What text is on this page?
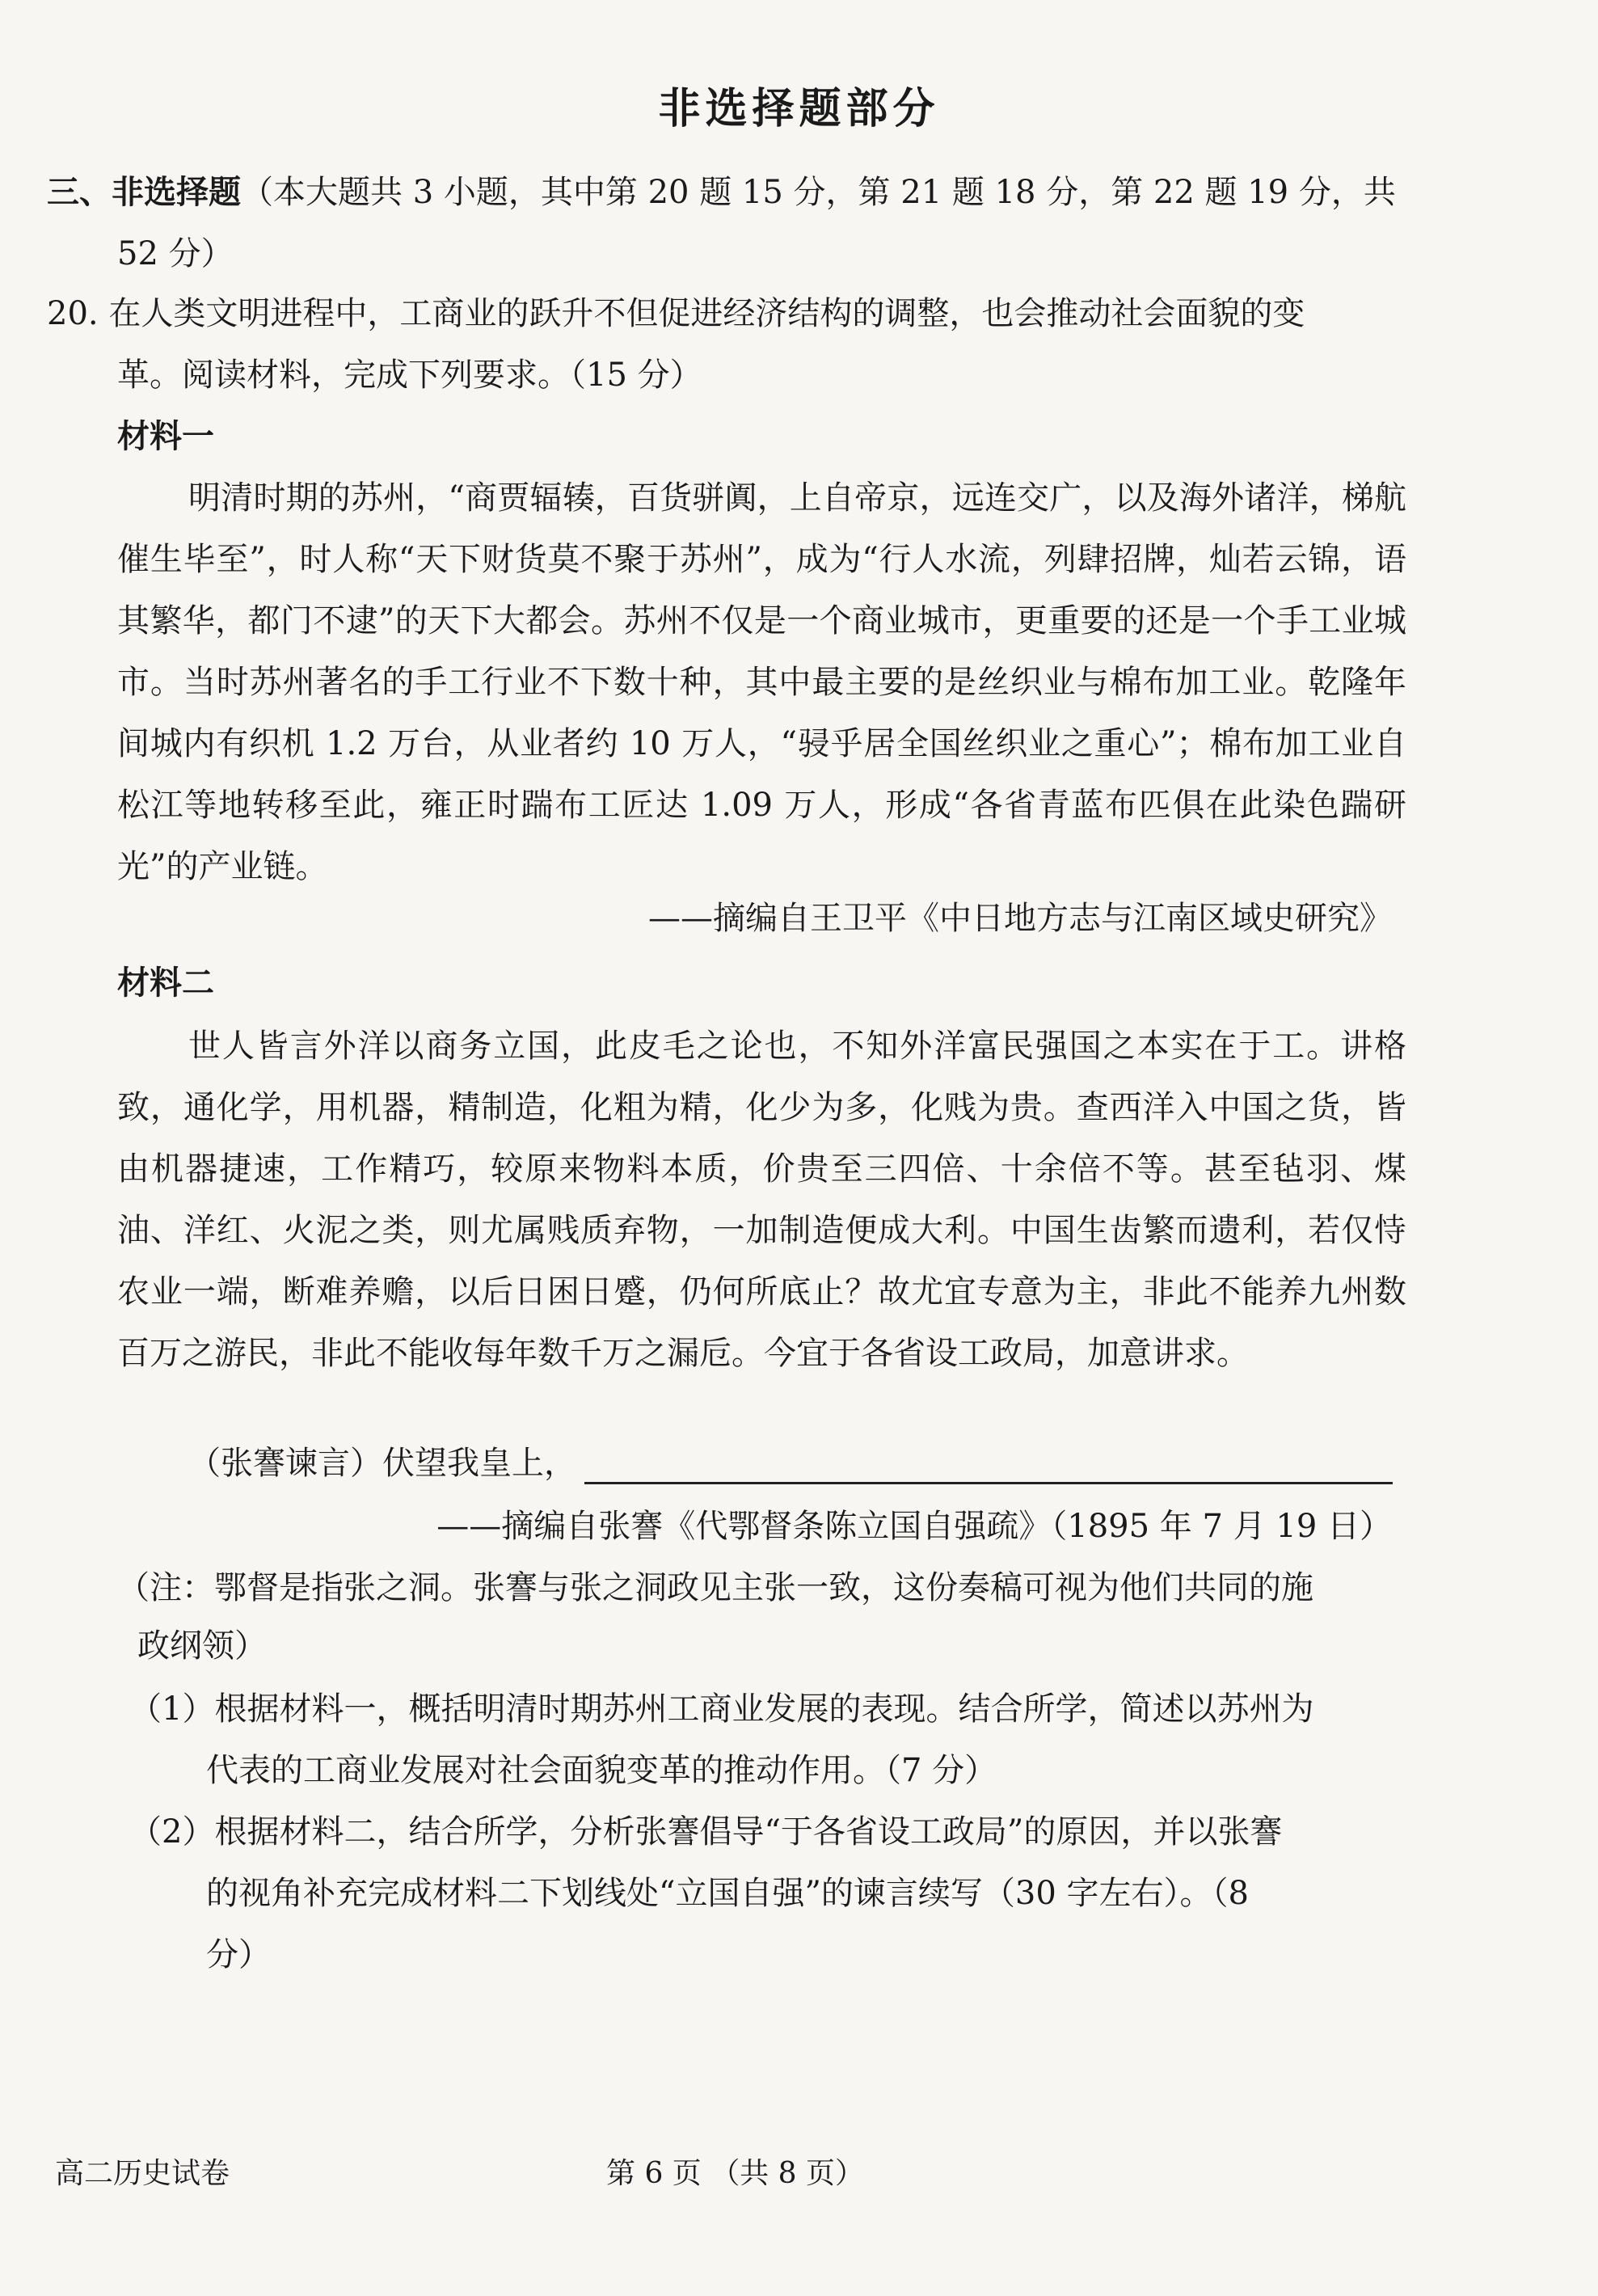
非选择题部分
三、非选择题（本大题共 3 小题，其中第 20 题 15 分，第 21 题 18 分，第 22 题 19 分，共
52 分）
20. 在人类文明进程中，工商业的跃升不但促进经济结构的调整，也会推动社会面貌的变
革。阅读材料，完成下列要求。（15 分）
材料一
明清时期的苏州，“商贾辐辏，百货骈阗，上自帝京，远连交广，以及海外诸洋，梯航催生毕至”，时人称“天下财货莫不聚于苏州”，成为“行人水流，列肆招牌，灿若云锦，语其繁华，都门不逮”的天下大都会。苏州不仅是一个商业城市，更重要的还是一个手工业城市。当时苏州著名的手工行业不下数十种，其中最主要的是丝织业与棉布加工业。乾隆年间城内有织机 1.2 万台，从业者约 10 万人，“骎乎居全国丝织业之重心”；棉布加工业自松江等地转移至此，雍正时踹布工匠达 1.09 万人，形成“各省青蓝布匹俱在此染色踹研光”的产业链。
——摘编自王卫平《中日地方志与江南区域史研究》
材料二
世人皆言外洋以商务立国，此皮毛之论也，不知外洋富民强国之本实在于工。讲格致，通化学，用机器，精制造，化粗为精，化少为多，化贱为贵。查西洋入中国之货，皆由机器捷速，工作精巧，较原来物料本质，价贵至三四倍、十余倍不等。甚至毡羽、煤油、洋红、火泥之类，则尤属贱质弃物，一加制造便成大利。中国生齿繁而遗利，若仅恃农业一端，断难养赡，以后日困日蹙，仍何所底止？故尤宜专意为主，非此不能养九州数百万之游民，非此不能收每年数千万之漏卮。今宜于各省设工政局，加意讲求。
（张謇谏言）伏望我皇上，
——摘编自张謇《代鄂督条陈立国自强疏》（1895 年 7 月 19 日）
（注：鄂督是指张之洞。张謇与张之洞政见主张一致，这份奏稿可视为他们共同的施
政纲领）
（1）根据材料一，概括明清时期苏州工商业发展的表现。结合所学，简述以苏州为
代表的工商业发展对社会面貌变革的推动作用。（7 分）
（2）根据材料二，结合所学，分析张謇倡导“于各省设工政局”的原因，并以张謇
的视角补充完成材料二下划线处“立国自强”的谏言续写（30 字左右）。（8
分）
高二历史试卷	第 6 页 （共 8 页）
